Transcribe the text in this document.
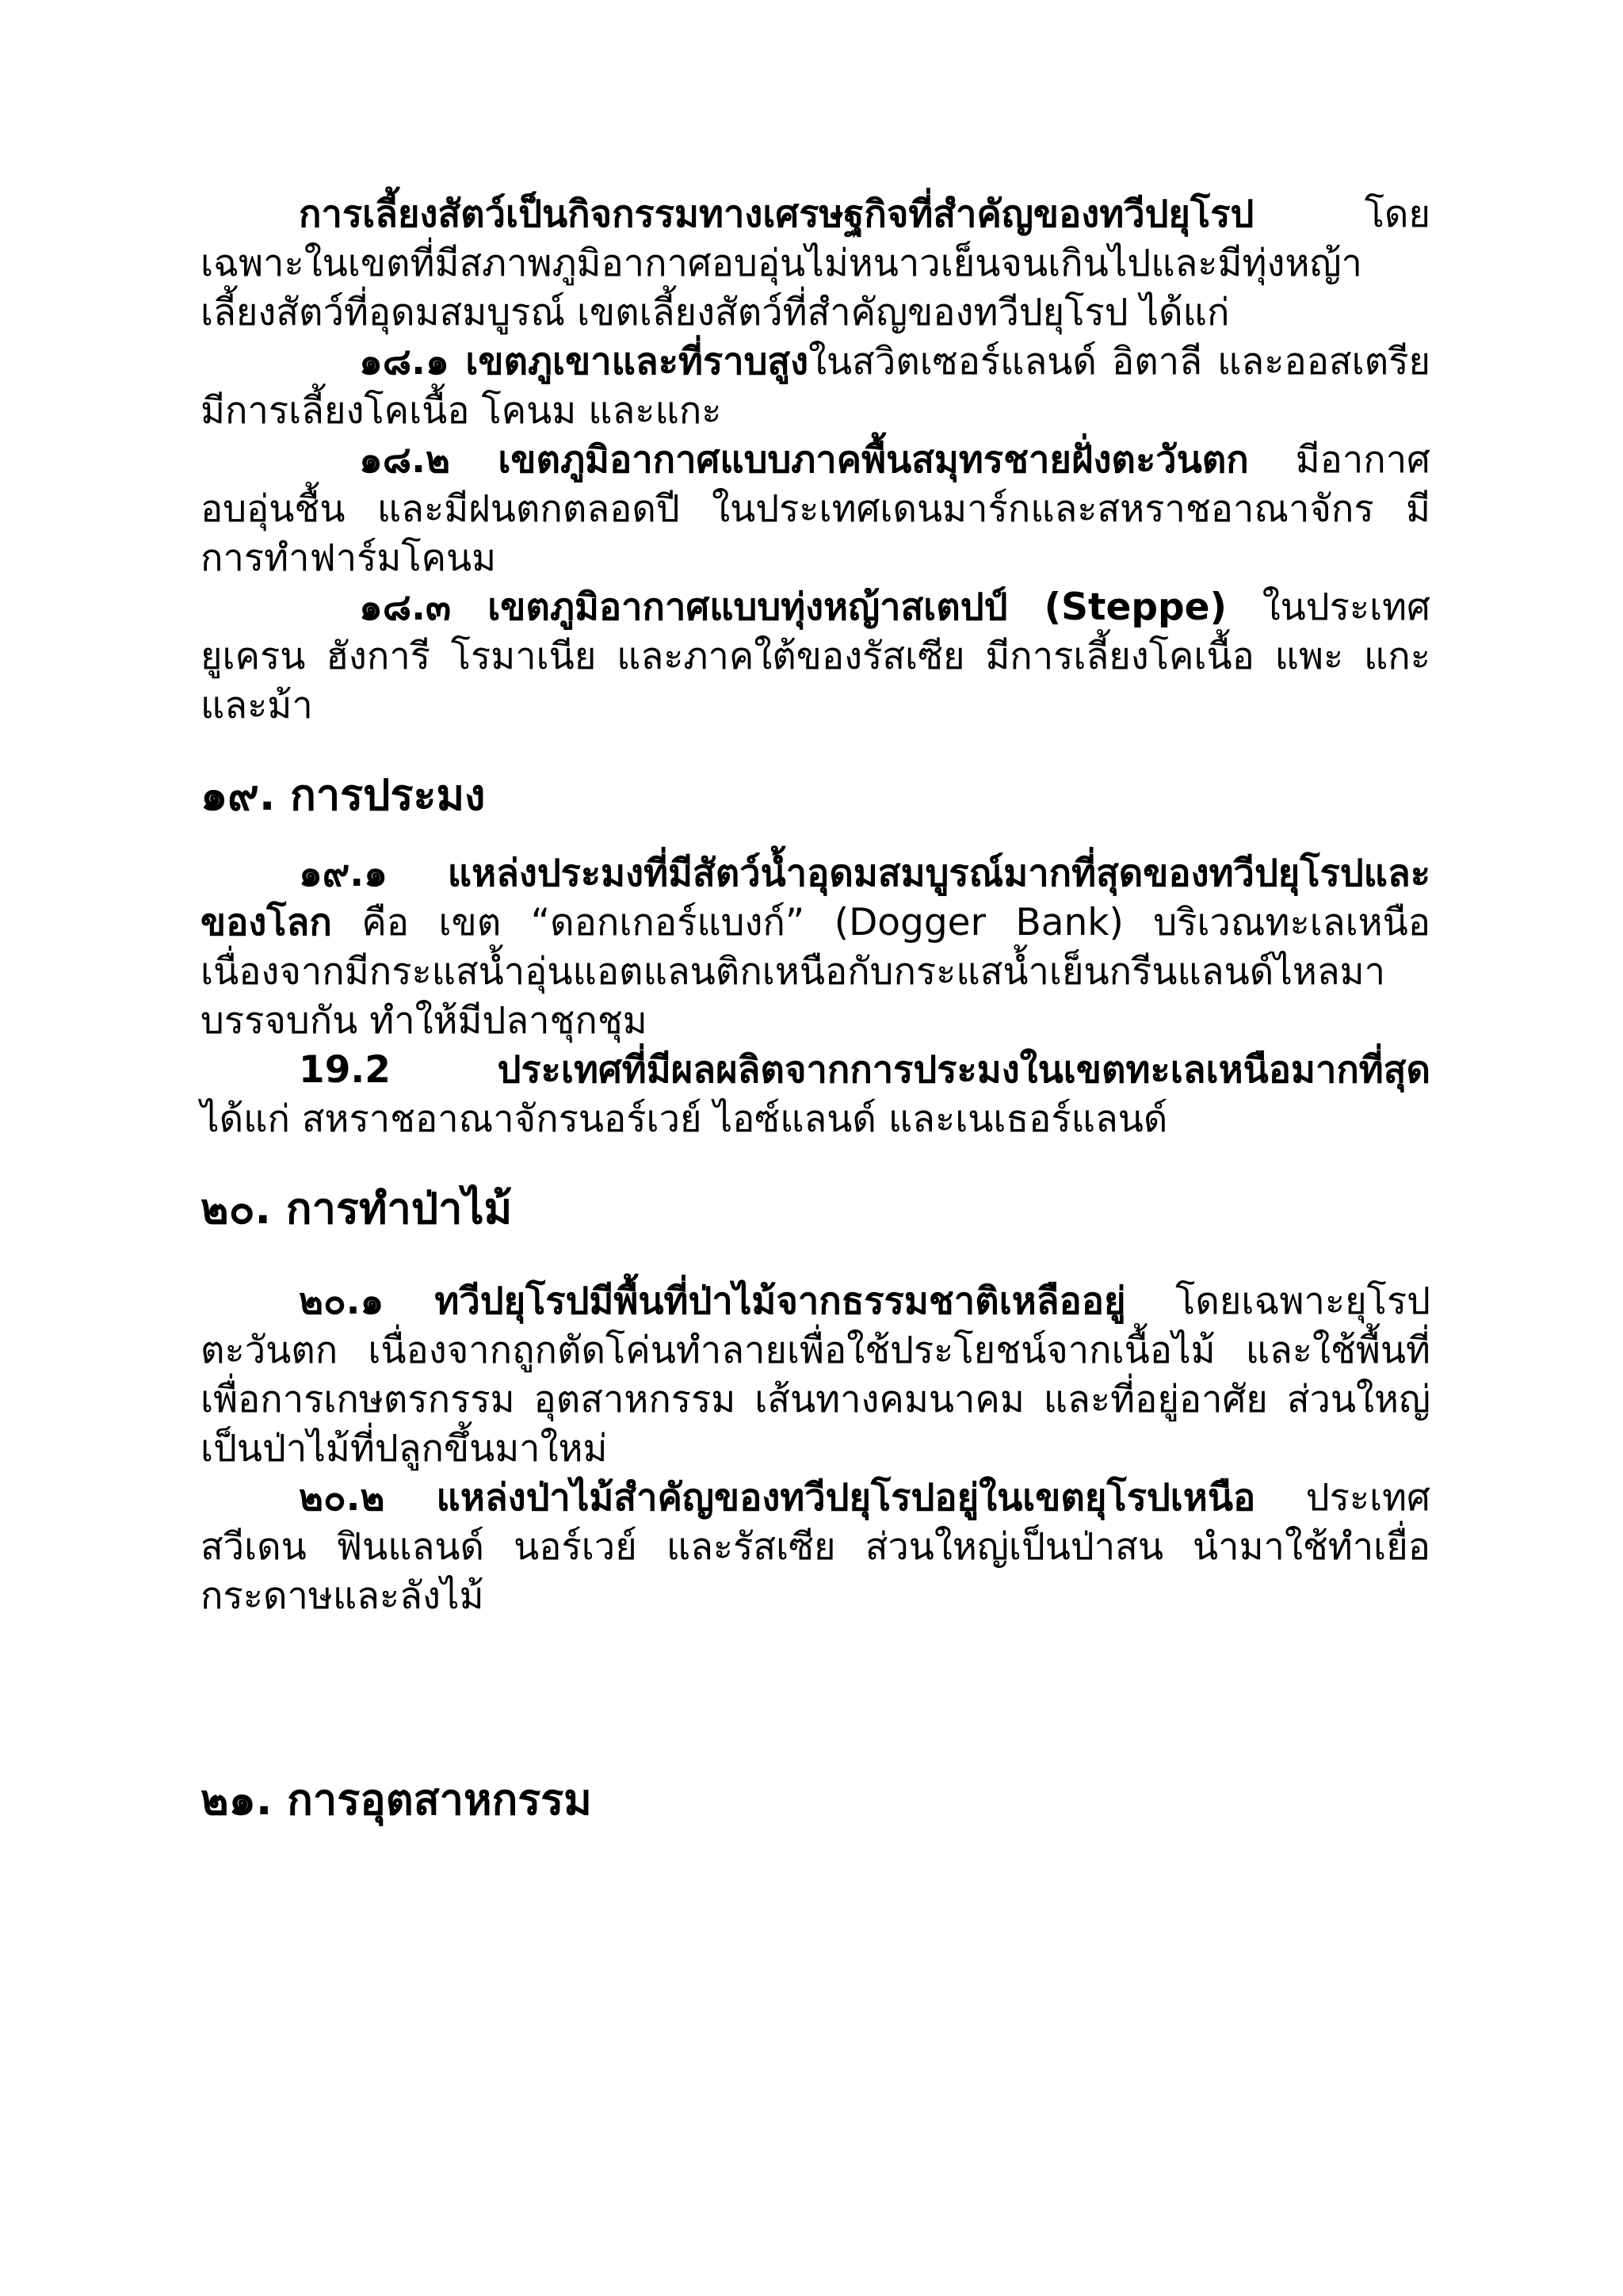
การเลี้ยงสัตว์เป็นกิจกรรมทางเศรษฐกิจที่สำคัญของทวีปยุโรป โดยเฉพาะในเขตที่มีสภาพภูมิอากาศอบอุ่นไม่หนาวเย็นจนเกินไปและมีทุ่งหญ้าเลี้ยงสัตว์ที่อุดมสมบูรณ์ เขตเลี้ยงสัตว์ที่สำคัญของทวีปยุโรป ได้แก่

๑๘.๑ เขตภูเขาและที่ราบสูงในสวิตเซอร์แลนด์ อิตาลี และออสเตรีย มีการเลี้ยงโคเนื้อ โคนม และแกะ

๑๘.๒ เขตภูมิอากาศแบบภาคพื้นสมุทรชายฝั่งตะวันตก มีอากาศอบอุ่นชื้น และมีฝนตกตลอดปี ในประเทศเดนมาร์กและสหราชอาณาจักร มีการทำฟาร์มโคนม

๑๘.๓ เขตภูมิอากาศแบบทุ่งหญ้าสเตปป์ (Steppe) ในประเทศยูเครน ฮังการี โรมาเนีย และภาคใต้ของรัสเซีย มีการเลี้ยงโคเนื้อ แพะ แกะ และม้า

๑๙. การประมง

๑๙.๑ แหล่งประมงที่มีสัตว์น้ำอุดมสมบูรณ์มากที่สุดของทวีปยุโรปและของโลก คือ เขต “ดอกเกอร์แบงก์” (Dogger Bank) บริเวณทะเลเหนือ เนื่องจากมีกระแสน้ำอุ่นแอตแลนติกเหนือกับกระแสน้ำเย็นกรีนแลนด์ไหลมาบรรจบกัน ทำให้มีปลาชุกชุม

19.2 ประเทศที่มีผลผลิตจากการประมงในเขตทะเลเหนือมากที่สุด ได้แก่ สหราชอาณาจักรนอร์เวย์ ไอซ์แลนด์ และเนเธอร์แลนด์

๒๐. การทำป่าไม้

๒๐.๑ ทวีปยุโรปมีพื้นที่ป่าไม้จากธรรมชาติเหลืออยู่ โดยเฉพาะยุโรปตะวันตก เนื่องจากถูกตัดโค่นทำลายเพื่อใช้ประโยชน์จากเนื้อไม้ และใช้พื้นที่เพื่อการเกษตรกรรม อุตสาหกรรม เส้นทางคมนาคม และที่อยู่อาศัย ส่วนใหญ่เป็นป่าไม้ที่ปลูกขึ้นมาใหม่

๒๐.๒ แหล่งป่าไม้สำคัญของทวีปยุโรปอยู่ในเขตยุโรปเหนือ ประเทศสวีเดน ฟินแลนด์ นอร์เวย์ และรัสเซีย ส่วนใหญ่เป็นป่าสน นำมาใช้ทำเยื่อกระดาษและลังไม้

๒๑. การอุตสาหกรรม
